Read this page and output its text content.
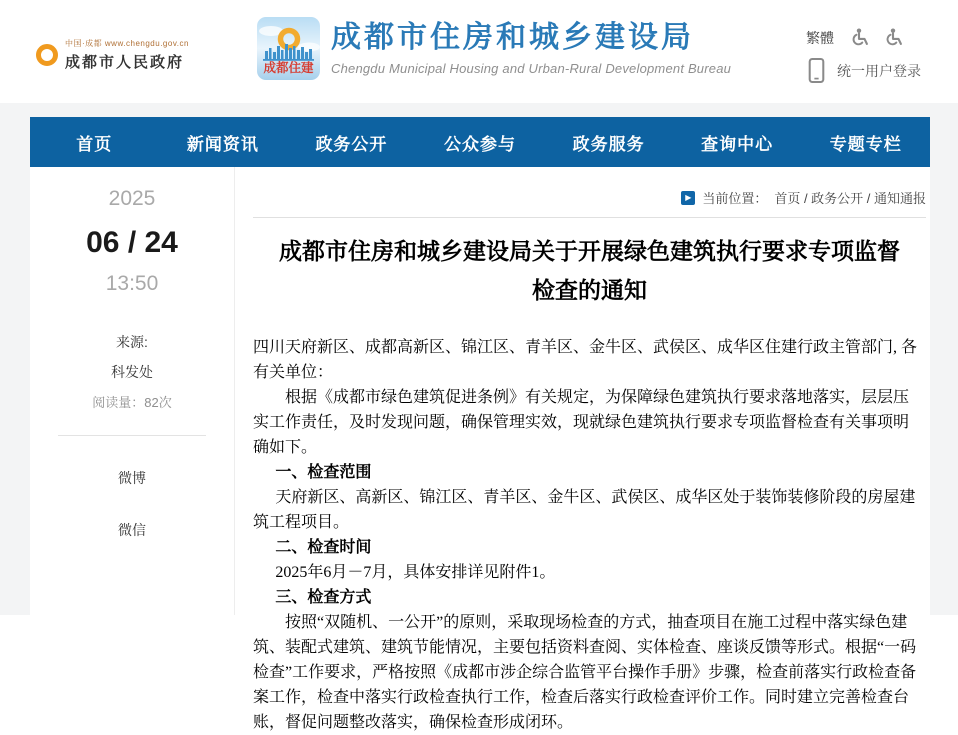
中国·成都 www.chengdu.gov.cn
成都市人民政府	成都住建
成都市住房和城乡建设局
Chengdu Municipal Housing and Urban-Rural Development Bureau
繁體
统一用户登录
首页	新闻资讯	政务公开	公众参与	政务服务	查询中心	专题专栏
2025
06 / 24
13:50
来源:
科发处
阅读量：82次
微博
微信
▶ 当前位置： 首页 / 政务公开 / 通知通报
成都市住房和城乡建设局关于开展绿色建筑执行要求专项监督检查的通知

四川天府新区、成都高新区、锦江区、青羊区、金牛区、武侯区、成华区住建行政主管部门, 各有关单位：

根据《成都市绿色建筑促进条例》有关规定，为保障绿色建筑执行要求落地落实，层层压实工作责任，及时发现问题，确保管理实效，现就绿色建筑执行要求专项监督检查有关事项明确如下。

一、检查范围

天府新区、高新区、锦江区、青羊区、金牛区、武侯区、成华区处于装饰装修阶段的房屋建筑工程项目。

二、检查时间

2025年6月－7月，具体安排详见附件1。

三、检查方式

按照“双随机、一公开”的原则，采取现场检查的方式，抽查项目在施工过程中落实绿色建筑、装配式建筑、建筑节能情况，主要包括资料查阅、实体检查、座谈反馈等形式。根据“一码检查”工作要求，严格按照《成都市涉企综合监管平台操作手册》步骤，检查前落实行政检查备案工作，检查中落实行政检查执行工作，检查后落实行政检查评价工作。同时建立完善检查台账，督促问题整改落实，确保检查形成闭环。
